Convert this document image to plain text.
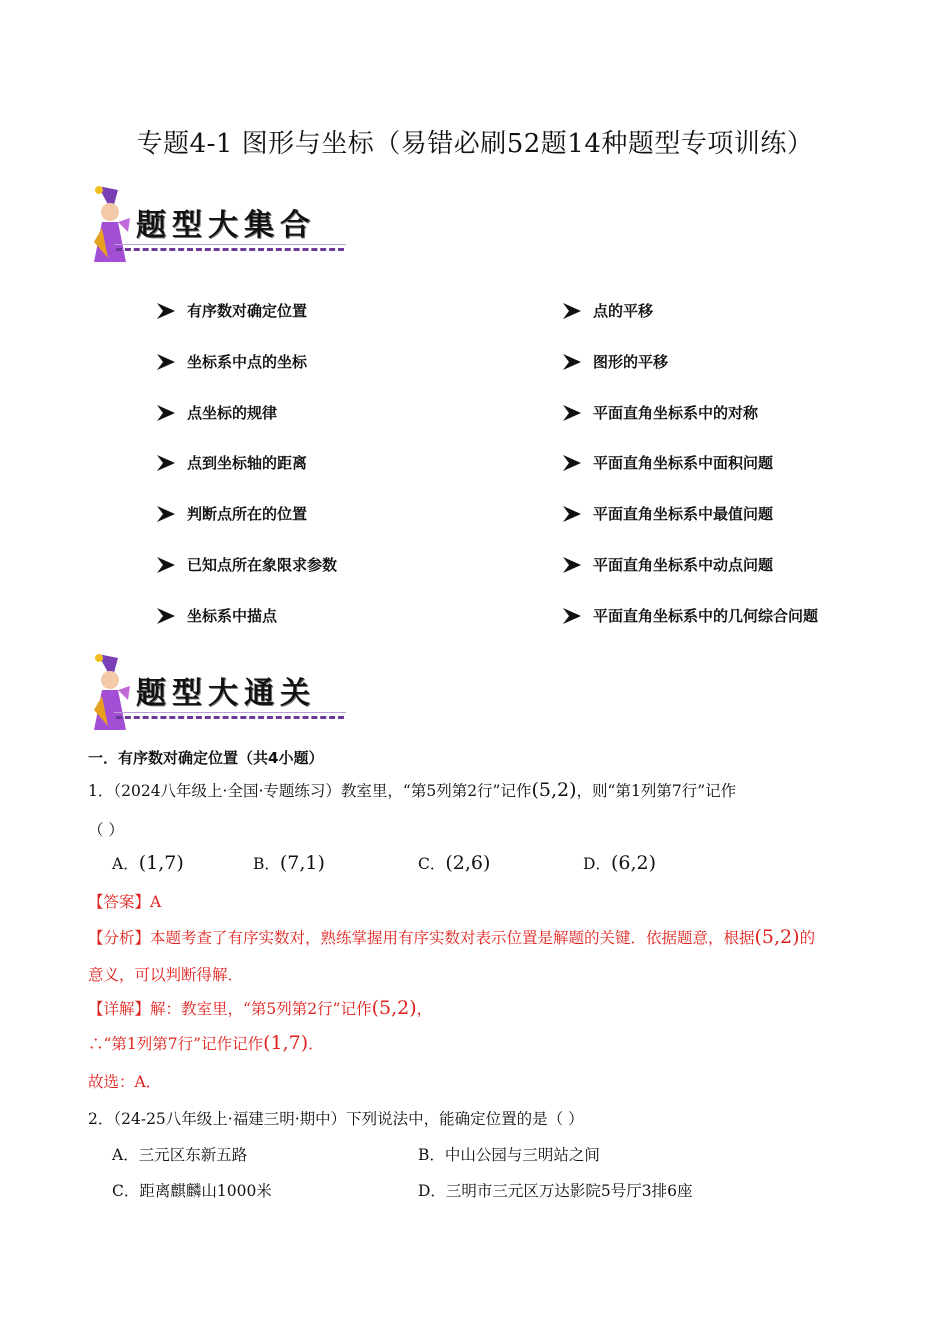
专题4-1 图形与坐标（易错必刷52题14种题型专项训练）
题型大集合
有序数对确定位置
坐标系中点的坐标
点坐标的规律
点到坐标轴的距离
判断点所在的位置
已知点所在象限求参数
坐标系中描点
点的平移
图形的平移
平面直角坐标系中的对称
平面直角坐标系中面积问题
平面直角坐标系中最值问题
平面直角坐标系中动点问题
平面直角坐标系中的几何综合问题
题型大通关
一．有序数对确定位置（共4小题）
1．（2024八年级上·全国·专题练习）教室里，“第5列第2行”记作(5,2)，则“第1列第7行”记作
（ ）
A．(1,7)	B．(7,1)	C．(2,6)	D．(6,2)
【答案】A
【分析】本题考查了有序实数对，熟练掌握用有序实数对表示位置是解题的关键．依据题意，根据(5,2)的
意义，可以判断得解．
【详解】解：教室里，“第5列第2行”记作(5,2)，
∴“第1列第7行”记作记作(1,7)．
故选：A．
2．（24-25八年级上·福建三明·期中）下列说法中，能确定位置的是（ ）
A．三元区东新五路	B．中山公园与三明站之间
C．距离麒麟山1000米	D．三明市三元区万达影院5号厅3排6座
